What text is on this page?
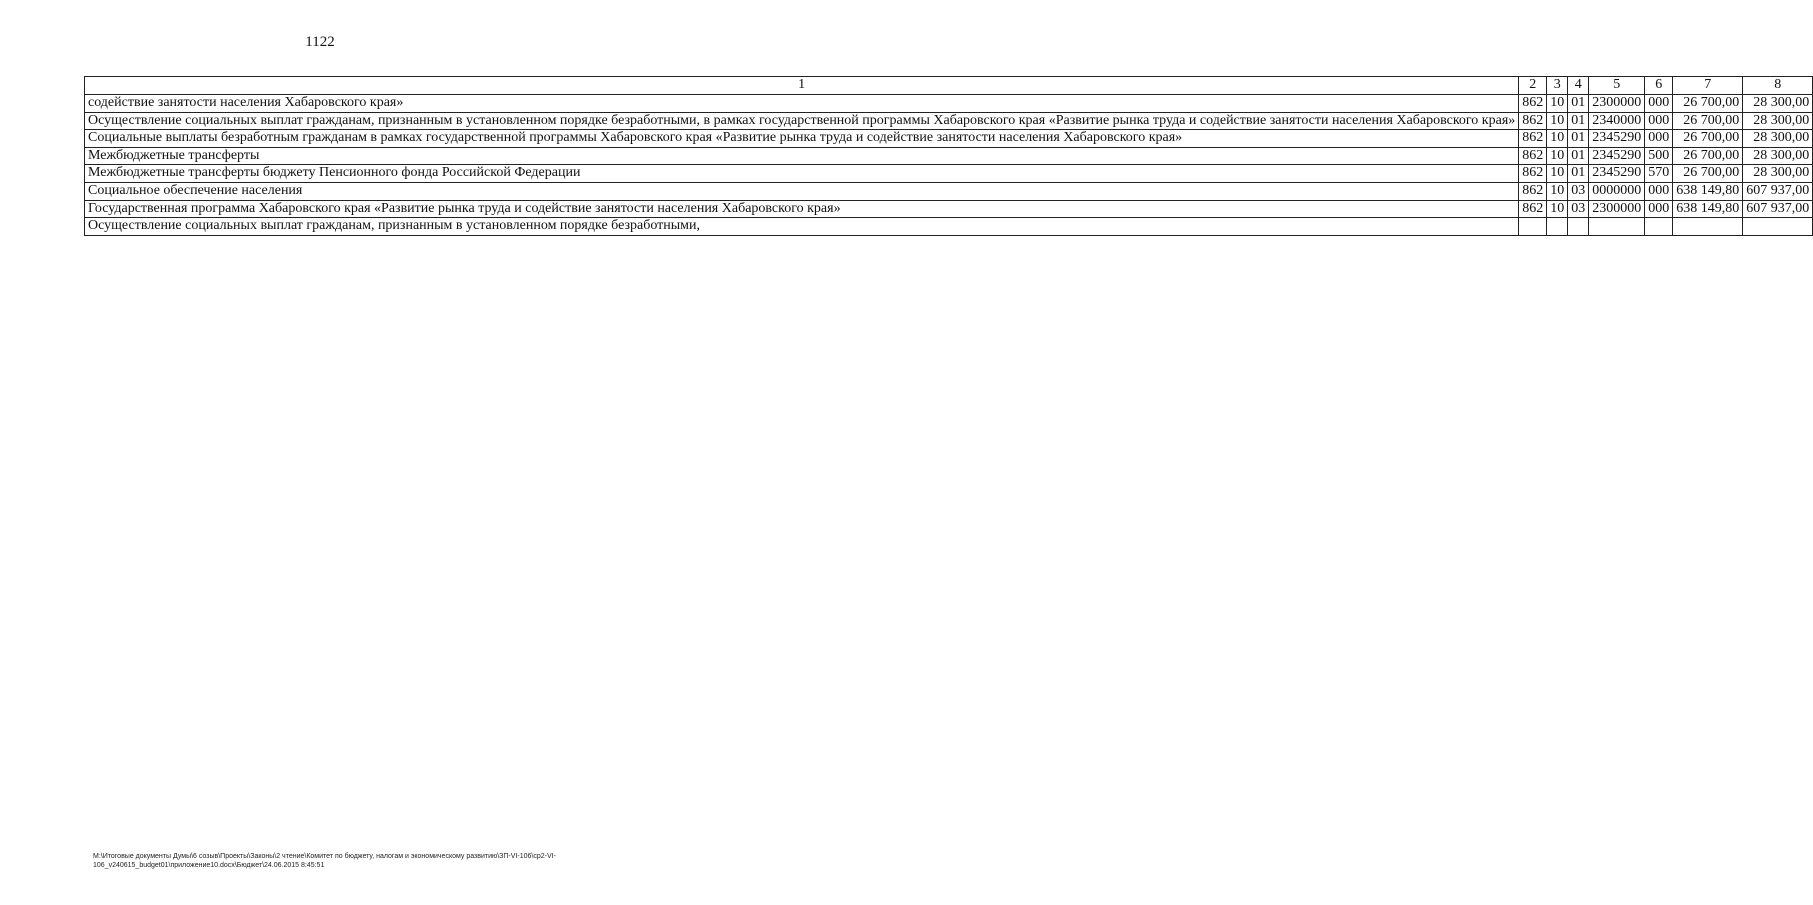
1122
1	2	3	4	5	6	7	8
содействие занятости населения Хабаровского края»	862	10	01	2300000	000	26 700,00	28 300,00
Осуществление социальных выплат гражданам, признанным в установленном порядке безработными, в рамках государственной программы Хабаровского края «Развитие рынка труда и содействие занятости населения Хабаровского края»	862	10	01	2340000	000	26 700,00	28 300,00
Социальные выплаты безработным гражданам в рамках государственной программы Хабаровского края «Развитие рынка труда и содействие занятости населения Хабаровского края»	862	10	01	2345290	000	26 700,00	28 300,00
Межбюджетные трансферты	862	10	01	2345290	500	26 700,00	28 300,00
Межбюджетные трансферты бюджету Пенсионного фонда Российской Федерации	862	10	01	2345290	570	26 700,00	28 300,00
Социальное обеспечение населения	862	10	03	0000000	000	638 149,80	607 937,00
Государственная программа Хабаровского края «Развитие рынка труда и содействие занятости населения Хабаровского края»	862	10	03	2300000	000	638 149,80	607 937,00
Осуществление социальных выплат гражданам, признанным в установленном порядке безработными,							
М:\Итоговые документы Думы\6 созыв\Проекты\Законы\2 чтение\Комитет по бюджету, налогам и экономическому развитию\ЗП-VI-106\ср2-VI-106_v240615_budget01\приложение10.docx\Бюджет\24.06.2015 8:45:51
